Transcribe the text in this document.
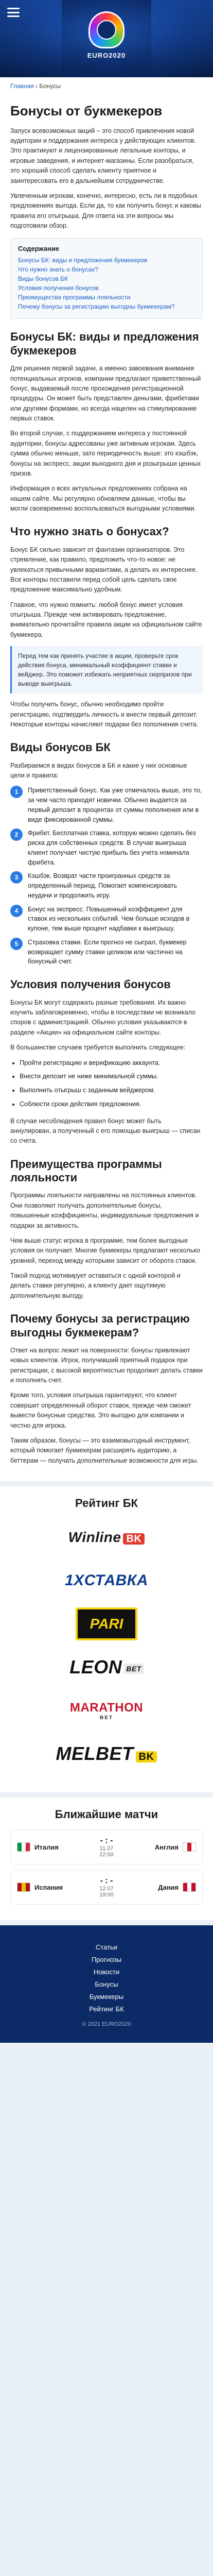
EURO2020
Главная › Бонусы
Бонусы от букмекеров

Запуск всевозможных акций – это способ привлечения новой аудитории и поддержания интереса у действующих клиентов. Это практикуют и лицензированные легальные конторы, и игровые заведения, и интернет-магазины. Если разобраться, это хороший способ сделать клиенту приятное и заинтересовать его в дальнейшем сотрудничестве.

Увлеченным игрокам, конечно, интересно, есть ли в подобных предложениях выгода. Если да, то как получить бонус и каковы правила его отыгрыша. Для ответа на эти вопросы мы подготовили обзор.

Содержание
Бонусы БК: виды и предложения букмекеров
Что нужно знать о бонусах?
Виды бонусов БК
Условия получения бонусов
Преимущества программы лояльности
Почему бонусы за регистрацию выгодны букмекерам?
Бонусы БК: виды и предложения букмекеров

Для решения первой задачи, а именно завоевания внимания потенциальных игроков, компании предлагают приветственный бонус, выдаваемый после прохождения регистрационной процедуры. Он может быть представлен деньгами, фрибетами или другими формами, но всегда нацелен на стимулирование первых ставок.

Во второй случае, с поддержанием интереса у постоянной аудитории, бонусы адресованы уже активным игрокам. Здесь сумма обычно меньше, зато периодичность выше: это кэшбэк, бонусы на экспресс, акции выходного дня и розыгрыши ценных призов.

Информация о всех актуальных предложениях собрана на нашем сайте. Мы регулярно обновляем данные, чтобы вы могли своевременно воспользоваться выгодными условиями.

Что нужно знать о бонусах?

Бонус БК сильно зависит от фантазии организаторов. Это стремление, как правило, предложить что-то новое: не увлекаться привычными вариантами, а делать их интереснее. Все конторы поставили перед собой цель сделать свое предложение максимально удобным.

Главное, что нужно помнить: любой бонус имеет условия отыгрыша. Прежде чем активировать предложение, внимательно прочитайте правила акции на официальном сайте букмекера.

Перед тем как принять участие в акции, проверьте срок действия бонуса, минимальный коэффициент ставки и вейджер. Это поможет избежать неприятных сюрпризов при выводе выигрыша.

Чтобы получить бонус, обычно необходимо пройти регистрацию, подтвердить личность и внести первый депозит. Некоторые конторы начисляют подарки без пополнения счета.

Виды бонусов БК

Разбираемся в видах бонусов в БК и какие у них основные цели и правила:

1	Приветственный бонус. Как уже отмечалось выше, это то, за чем часто приходят новички. Обычно выдается за первый депозит в процентах от суммы пополнения или в виде фиксированной суммы.
2	Фрибет. Бесплатная ставка, которую можно сделать без риска для собственных средств. В случае выигрыша клиент получает чистую прибыль без учета номинала фрибета.
3	Кэшбэк. Возврат части проигранных средств за определенный период. Помогает компенсировать неудачи и продолжить игру.
4	Бонус на экспресс. Повышенный коэффициент для ставок из нескольких событий. Чем больше исходов в купоне, тем выше процент надбавки к выигрышу.
5	Страховка ставки. Если прогноз не сыграл, букмекер возвращает сумму ставки целиком или частично на бонусный счет.
Условия получения бонусов

Бонусы БК могут содержать разные требования. Их важно изучить заблаговременно, чтобы в последствии не возникало споров с администрацией. Обычно условия указываются в разделе «Акции» на официальном сайте конторы.

В большинстве случаев требуется выполнить следующее:

• Пройти регистрацию и верификацию аккаунта.
• Внести депозит не ниже минимальной суммы.
• Выполнить отыгрыш с заданным вейджером.
• Соблюсти сроки действия предложения.

В случае несоблюдения правил бонус может быть аннулирован, а полученный с его помощью выигрыш — списан со счета.

Преимущества программы лояльности

Программы лояльности направлены на постоянных клиентов. Они позволяют получать дополнительные бонусы, повышенные коэффициенты, индивидуальные предложения и подарки за активность.

Чем выше статус игрока в программе, тем более выгодные условия он получает. Многие букмекеры предлагают несколько уровней, переход между которыми зависит от оборота ставок.

Такой подход мотивирует оставаться с одной конторой и делать ставки регулярно, а клиенту дает ощутимую дополнительную выгоду.

Почему бонусы за регистрацию выгодны букмекерам?

Ответ на вопрос лежит на поверхности: бонусы привлекают новых клиентов. Игрок, получивший приятный подарок при регистрации, с высокой вероятностью продолжит делать ставки и пополнять счет.

Кроме того, условия отыгрыша гарантируют, что клиент совершит определенный оборот ставок, прежде чем сможет вывести бонусные средства. Это выгодно для компании и честно для игрока.

Таким образом, бонусы — это взаимовыгодный инструмент, который помогает букмекерам расширять аудиторию, а беттерам — получать дополнительные возможности для игры.

Рейтинг БК
Winline BK
1XСТАВКА
PARI
LEON BET
MARATHON
BET
MELBET BK
Ближайшие матчи
Италия
- : -
11.07
22:00
Англия
Испания
- : -
12.07
19:00
Дания
Статьи
Прогнозы
Новости
Бонусы
Букмекеры
Рейтинг БК
© 2021 EURO2020
